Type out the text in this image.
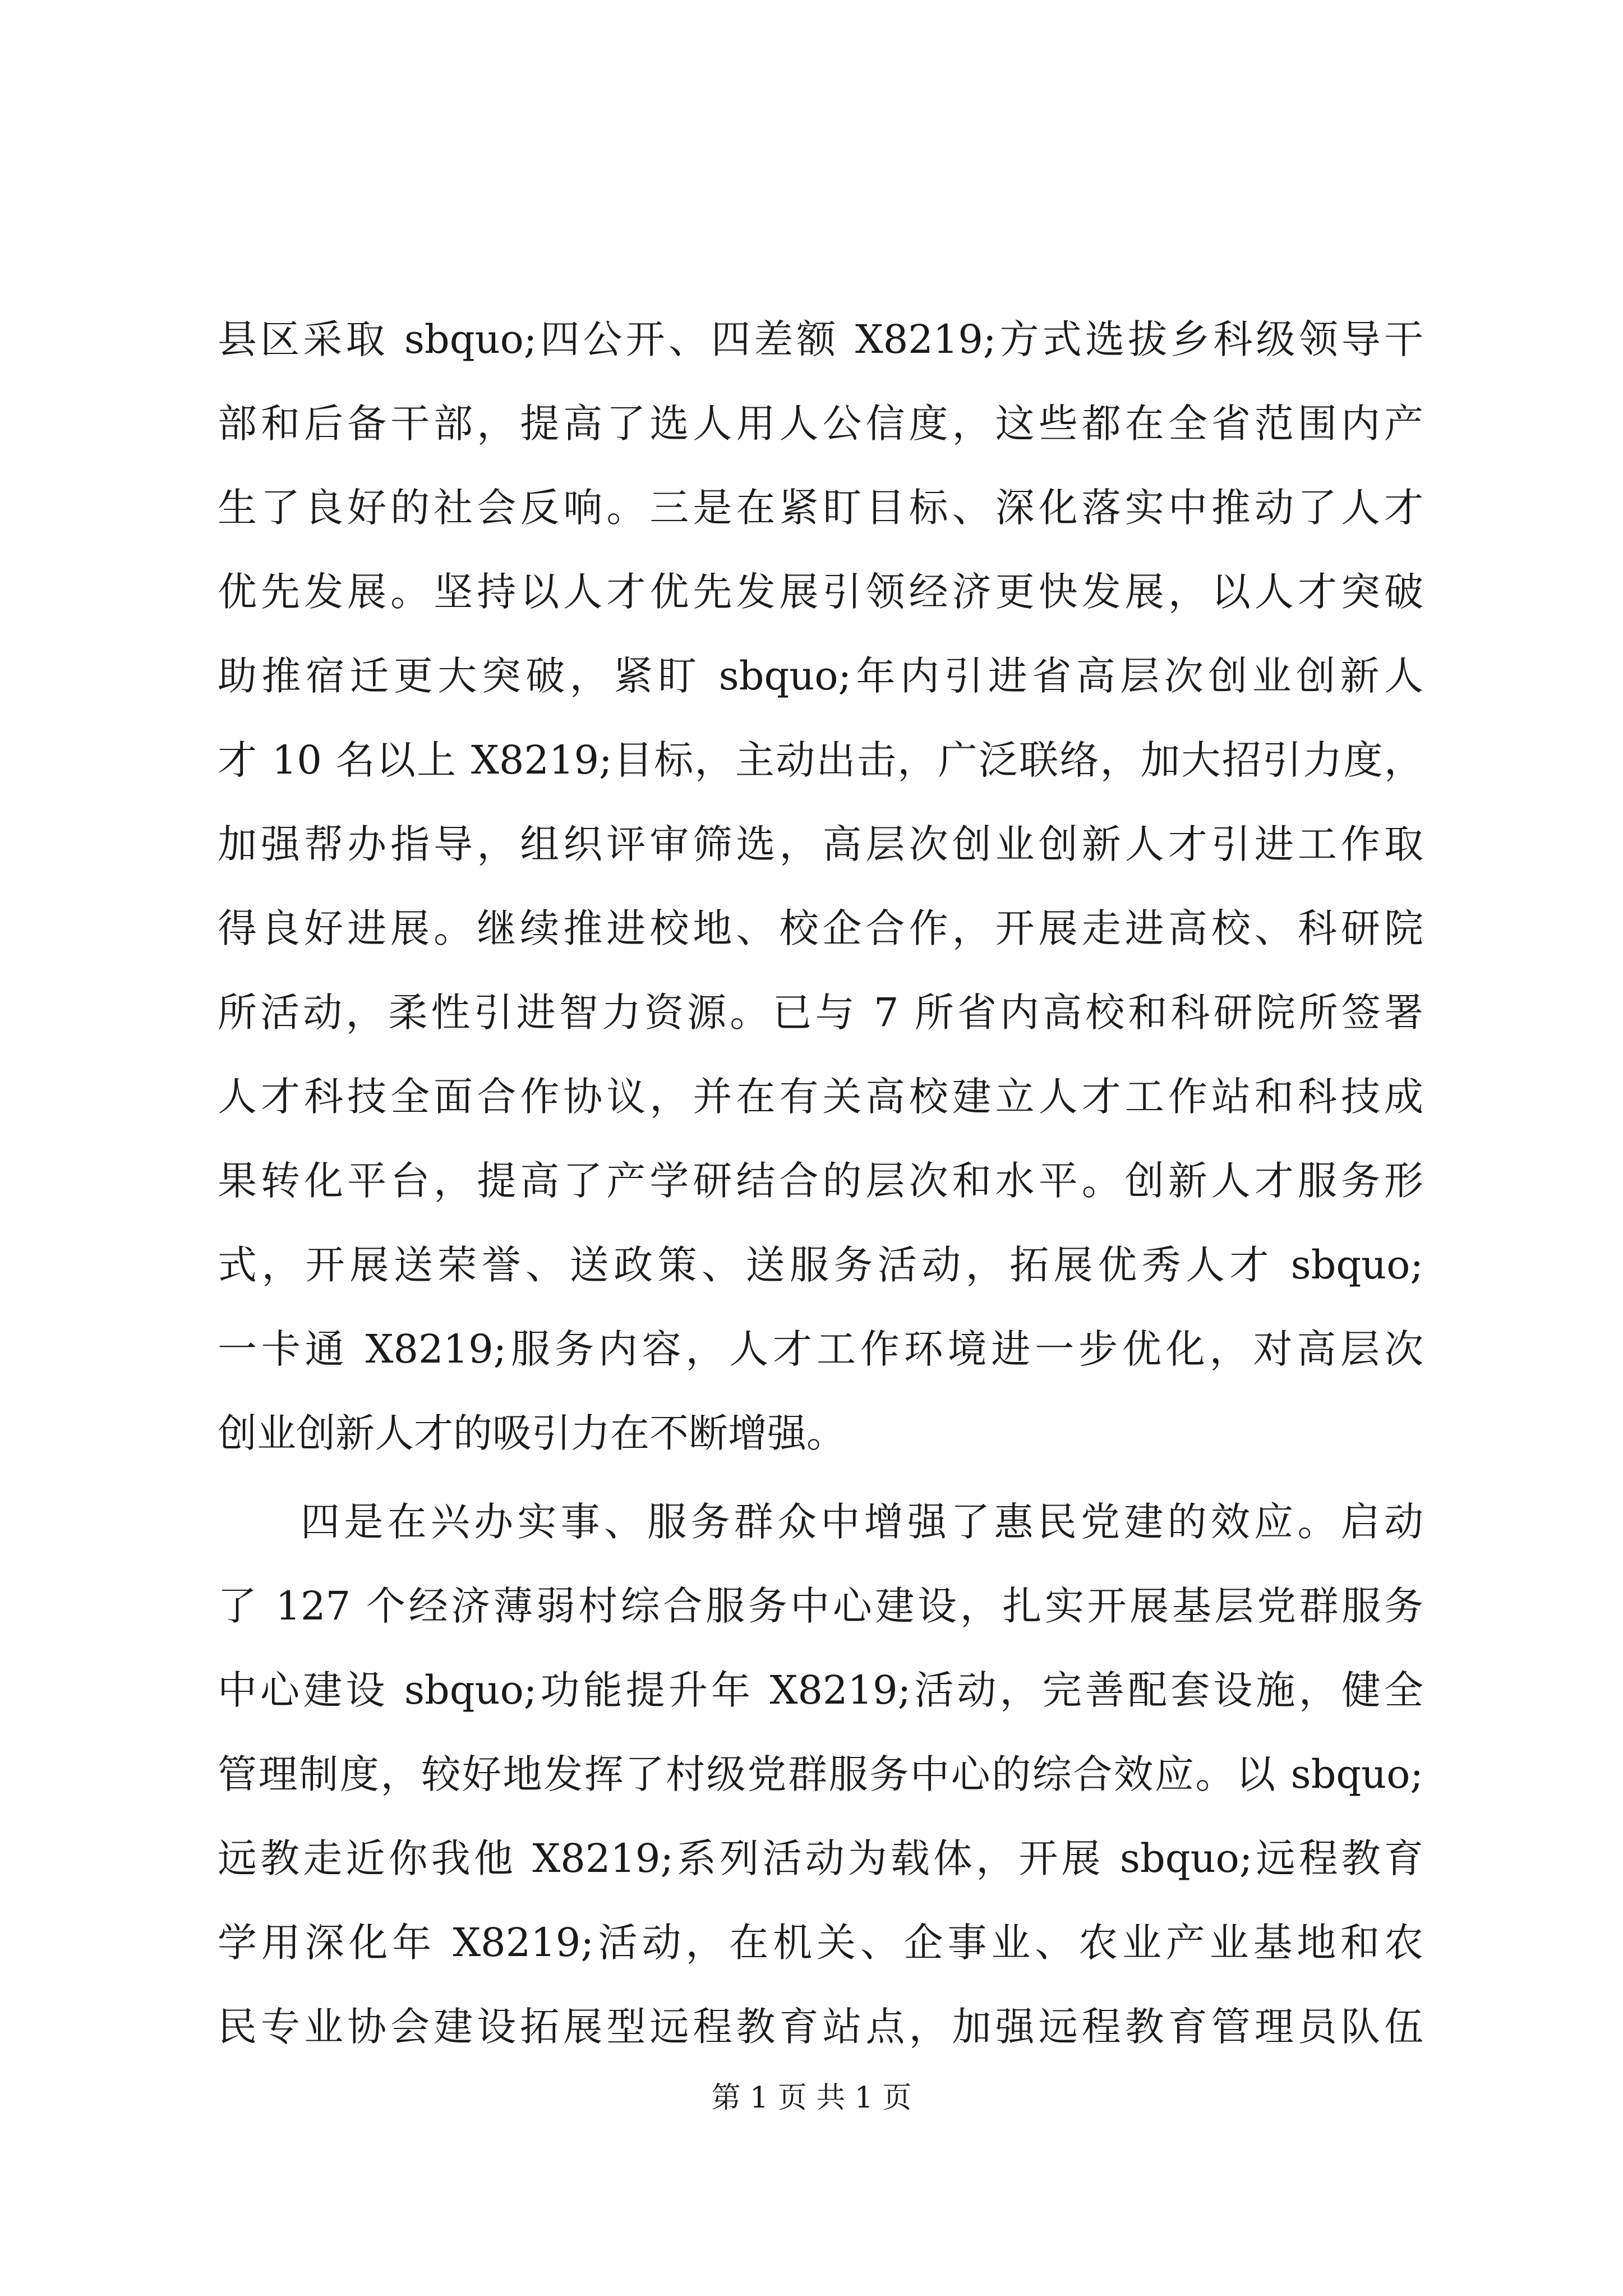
县区采取 sbquo;四公开、四差额 X8219;方式选拔乡科级领导干
部和后备干部，提高了选人用人公信度，这些都在全省范围内产
生了良好的社会反响。三是在紧盯目标、深化落实中推动了人才
优先发展。坚持以人才优先发展引领经济更快发展，以人才突破
助推宿迁更大突破，紧盯 sbquo;年内引进省高层次创业创新人
才 10 名以上 X8219;目标，主动出击，广泛联络，加大招引力度，
加强帮办指导，组织评审筛选，高层次创业创新人才引进工作取
得良好进展。继续推进校地、校企合作，开展走进高校、科研院
所活动，柔性引进智力资源。已与 7 所省内高校和科研院所签署
人才科技全面合作协议，并在有关高校建立人才工作站和科技成
果转化平台，提高了产学研结合的层次和水平。创新人才服务形
式，开展送荣誉、送政策、送服务活动，拓展优秀人才 sbquo;
一卡通 X8219;服务内容，人才工作环境进一步优化，对高层次
创业创新人才的吸引力在不断增强。
四是在兴办实事、服务群众中增强了惠民党建的效应。启动
了 127 个经济薄弱村综合服务中心建设，扎实开展基层党群服务
中心建设 sbquo;功能提升年 X8219;活动，完善配套设施，健全
管理制度，较好地发挥了村级党群服务中心的综合效应。以 sbquo;
远教走近你我他 X8219;系列活动为载体，开展 sbquo;远程教育
学用深化年 X8219;活动，在机关、企事业、农业产业基地和农
民专业协会建设拓展型远程教育站点，加强远程教育管理员队伍
第 1 页 共 1 页
